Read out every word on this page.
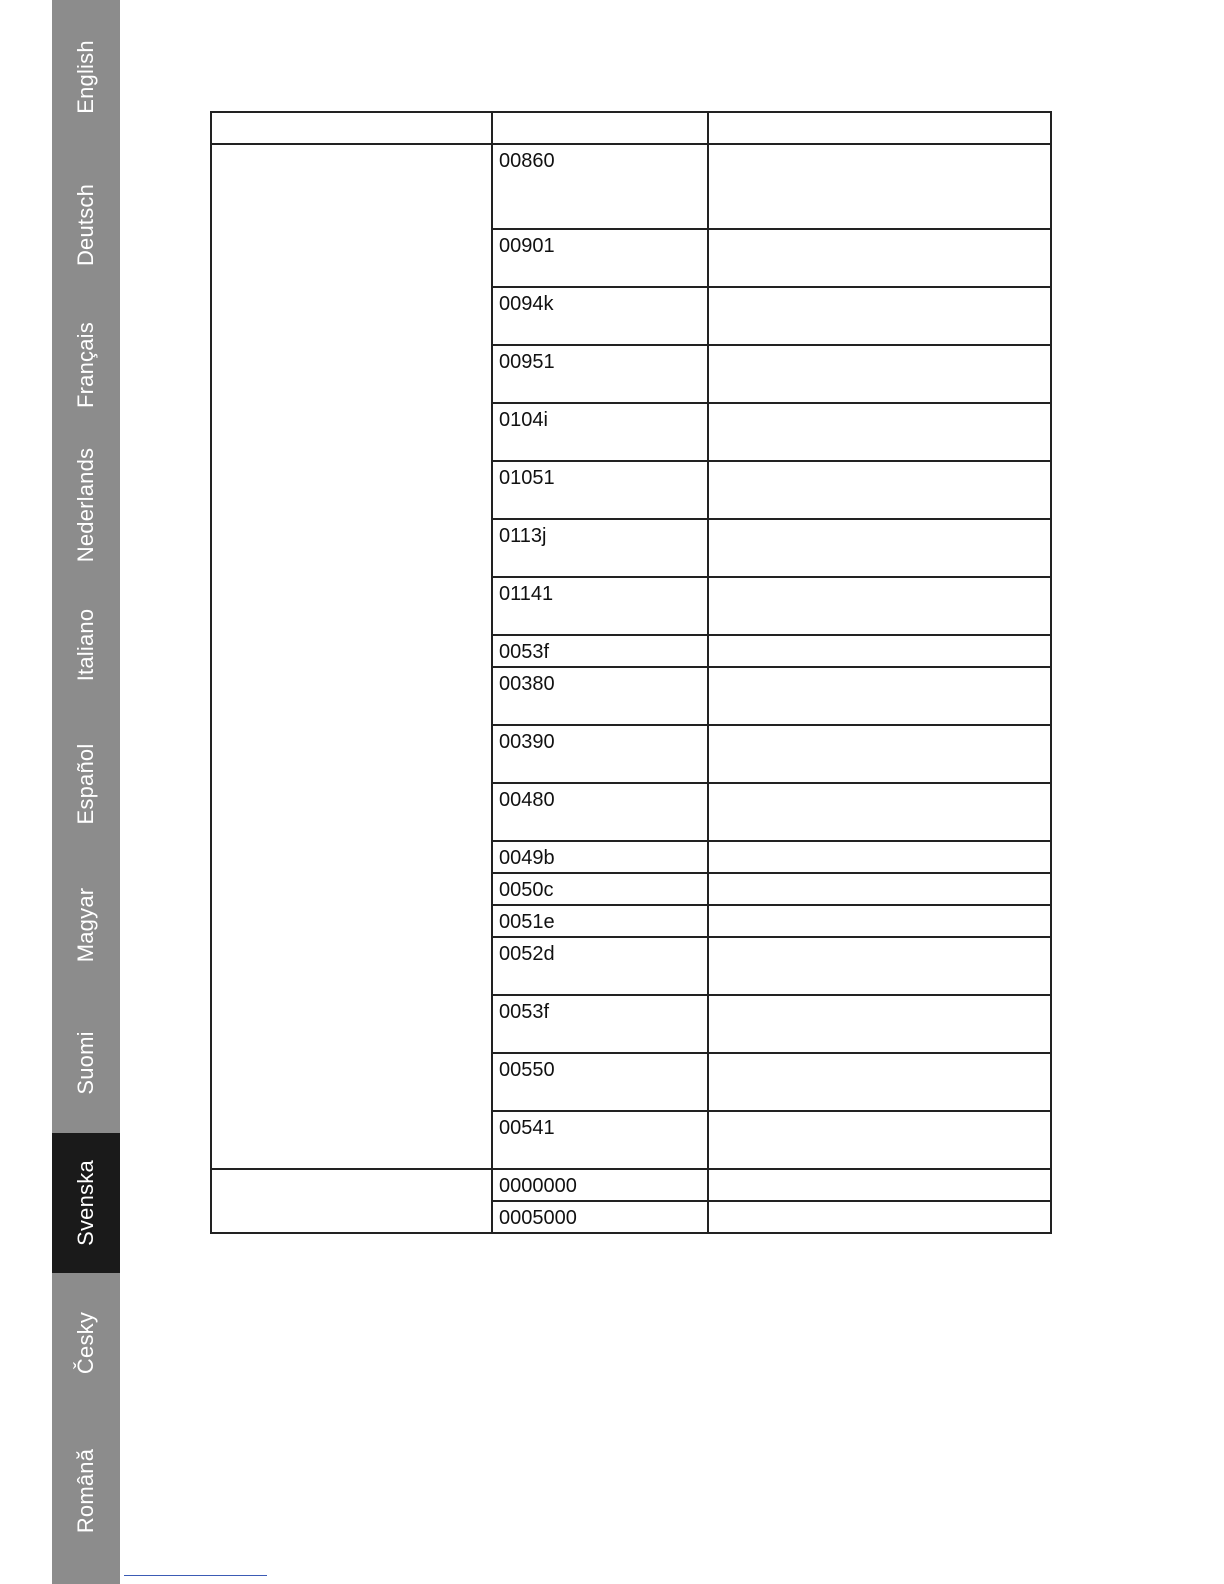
English
Deutsch
Français
Nederlands
Italiano
Español
Magyar
Suomi
Svenska
Česky
Română

	00860	
	00901	
	0094k	
	00951	
	0104i	
	01051	
	0113j	
	01141	
	0053f	
	00380	
	00390	
	00480	
	0049b	
	0050c	
	0051e	
	0052d	
	0053f	
	00550	
	00541	
	0000000	
	0005000	
